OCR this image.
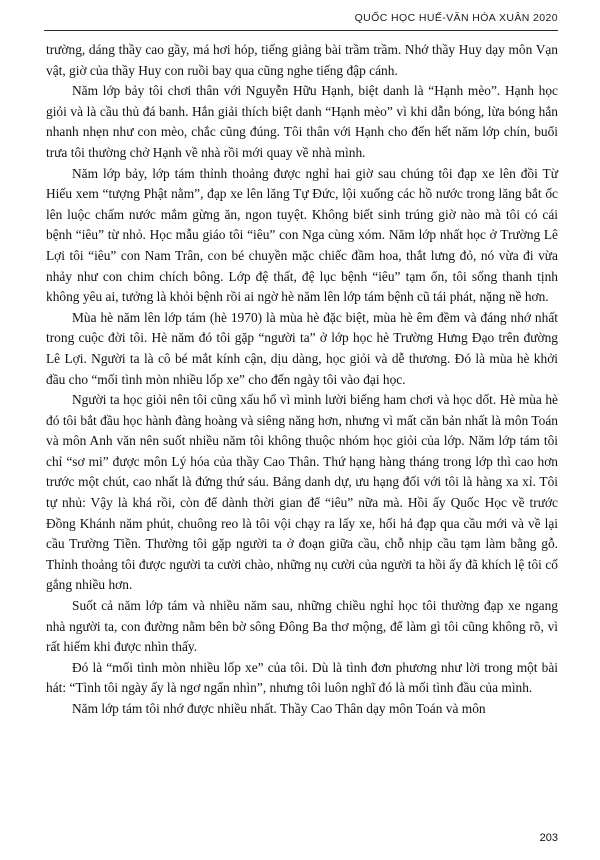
QUỐC HỌC HUẾ-VĂN HÓA XUÂN 2020

trường, dáng thầy cao gầy, má hơi hóp, tiếng giảng bài trầm trầm. Nhớ thầy Huy dạy môn Vạn vật, giờ của thầy Huy con ruồi bay qua cũng nghe tiếng đập cánh.

Năm lớp bảy tôi chơi thân với Nguyễn Hữu Hạnh, biệt danh là “Hạnh mèo”. Hạnh học giỏi và là cầu thủ đá banh. Hắn giải thích biệt danh “Hạnh mèo” vì khi dẫn bóng, lừa bóng hắn nhanh nhẹn như con mèo, chắc cũng đúng. Tôi thân với Hạnh cho đến hết năm lớp chín, buổi trưa tôi thường chở Hạnh về nhà rồi mới quay về nhà mình.

Năm lớp bảy, lớp tám thỉnh thoảng được nghỉ hai giờ sau chúng tôi đạp xe lên đồi Từ Hiếu xem “tượng Phật nằm”, đạp xe lên lăng Tự Đức, lội xuống các hồ nước trong lăng bắt ốc lên luộc chấm nước mắm gừng ăn, ngon tuyệt. Không biết sinh trúng giờ nào mà tôi có cái bệnh “iêu” từ nhỏ. Học mẫu giáo tôi “iêu” con Nga cùng xóm. Năm lớp nhất học ở Trường Lê Lợi tôi “iêu” con Nam Trân, con bé chuyền mặc chiếc đầm hoa, thắt lưng đỏ, nó vừa đi vừa nhảy như con chim chích bông. Lớp đệ thất, đệ lục bệnh “iêu” tạm ổn, tôi sống thanh tịnh không yêu ai, tưởng là khỏi bệnh rồi ai ngờ hè năm lên lớp tám bệnh cũ tái phát, nặng nề hơn.

Mùa hè năm lên lớp tám (hè 1970) là mùa hè đặc biệt, mùa hè êm đềm và đáng nhớ nhất trong cuộc đời tôi. Hè năm đó tôi gặp “người ta” ở lớp học hè Trường Hưng Đạo trên đường Lê Lợi. Người ta là cô bé mắt kính cận, dịu dàng, học giỏi và dễ thương. Đó là mùa hè khởi đầu cho “mối tình mòn nhiều lốp xe” cho đến ngày tôi vào đại học.

Người ta học giỏi nên tôi cũng xấu hổ vì mình lười biếng ham chơi và học dốt. Hè mùa hè đó tôi bắt đầu học hành đàng hoàng và siêng năng hơn, nhưng vì mất căn bản nhất là môn Toán và môn Anh văn nên suốt nhiều năm tôi không thuộc nhóm học giỏi của lớp. Năm lớp tám tôi chỉ “sơ mi” được môn Lý hóa của thầy Cao Thân. Thứ hạng hàng tháng trong lớp thì cao hơn trước một chút, cao nhất là đứng thứ sáu. Bảng danh dự, ưu hạng đối với tôi là hàng xa xỉ. Tôi tự nhủ: Vậy là khá rồi, còn để dành thời gian để “iêu” nữa mà. Hồi ấy Quốc Học về trước Đồng Khánh năm phút, chuông reo là tôi vội chạy ra lấy xe, hối hả đạp qua cầu mới và về lại cầu Trường Tiền. Thường tôi gặp người ta ở đoạn giữa cầu, chỗ nhịp cầu tạm làm bằng gỗ. Thỉnh thoảng tôi được người ta cười chào, những nụ cười của người ta hồi ấy đã khích lệ tôi cố gắng nhiều hơn.

Suốt cả năm lớp tám và nhiều năm sau, những chiều nghỉ học tôi thường đạp xe ngang nhà người ta, con đường nằm bên bờ sông Đông Ba thơ mộng, để làm gì tôi cũng không rõ, vì rất hiếm khi được nhìn thấy.

Đó là “mối tình mòn nhiều lốp xe” của tôi. Dù là tình đơn phương như lời trong một bài hát: “Tình tôi ngày ấy là ngơ ngẩn nhìn”, nhưng tôi luôn nghĩ đó là mối tình đầu của mình.

Năm lớp tám tôi nhớ được nhiều nhất. Thầy Cao Thân dạy môn Toán và môn

203
